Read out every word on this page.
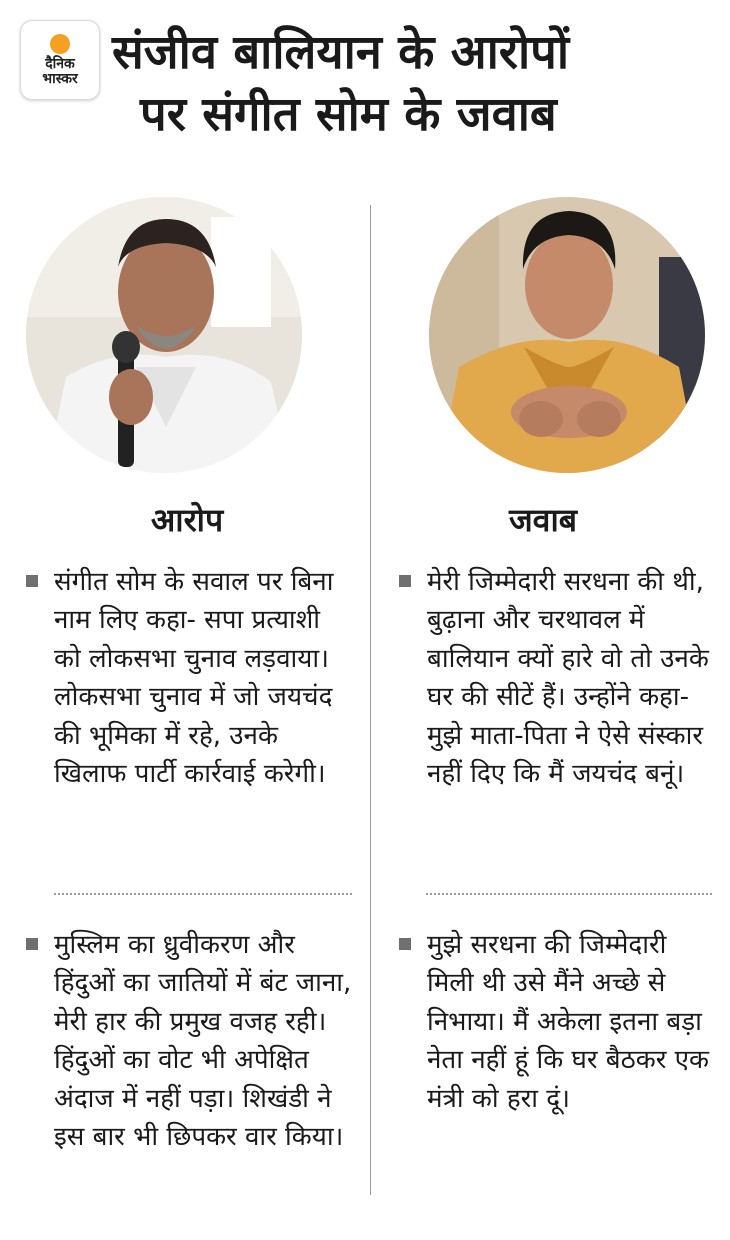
दैनिक
भास्कर संजीव बालियान के आरोपों
पर संगीत सोम के जवाब
आरोप	जवाब
संगीत सोम के सवाल पर बिना नाम लिए कहा- सपा प्रत्याशी को लोकसभा चुनाव लड़वाया। लोकसभा चुनाव में जो जयचंद की भूमिका में रहे, उनके खिलाफ पार्टी कार्रवाई करेगी।
मुस्लिम का ध्रुवीकरण और हिंदुओं का जातियों में बंट जाना, मेरी हार की प्रमुख वजह रही। हिंदुओं का वोट भी अपेक्षित अंदाज में नहीं पड़ा। शिखंडी ने इस बार भी छिपकर वार किया।
मेरी जिम्मेदारी सरधना की थी, बुढ़ाना और चरथावल में बालियान क्यों हारे वो तो उनके घर की सीटें हैं। उन्होंने कहा- मुझे माता-पिता ने ऐसे संस्कार नहीं दिए कि मैं जयचंद बनूं।
मुझे सरधना की जिम्मेदारी मिली थी उसे मैंने अच्छे से निभाया। मैं अकेला इतना बड़ा नेता नहीं हूं कि घर बैठकर एक मंत्री को हरा दूं।
